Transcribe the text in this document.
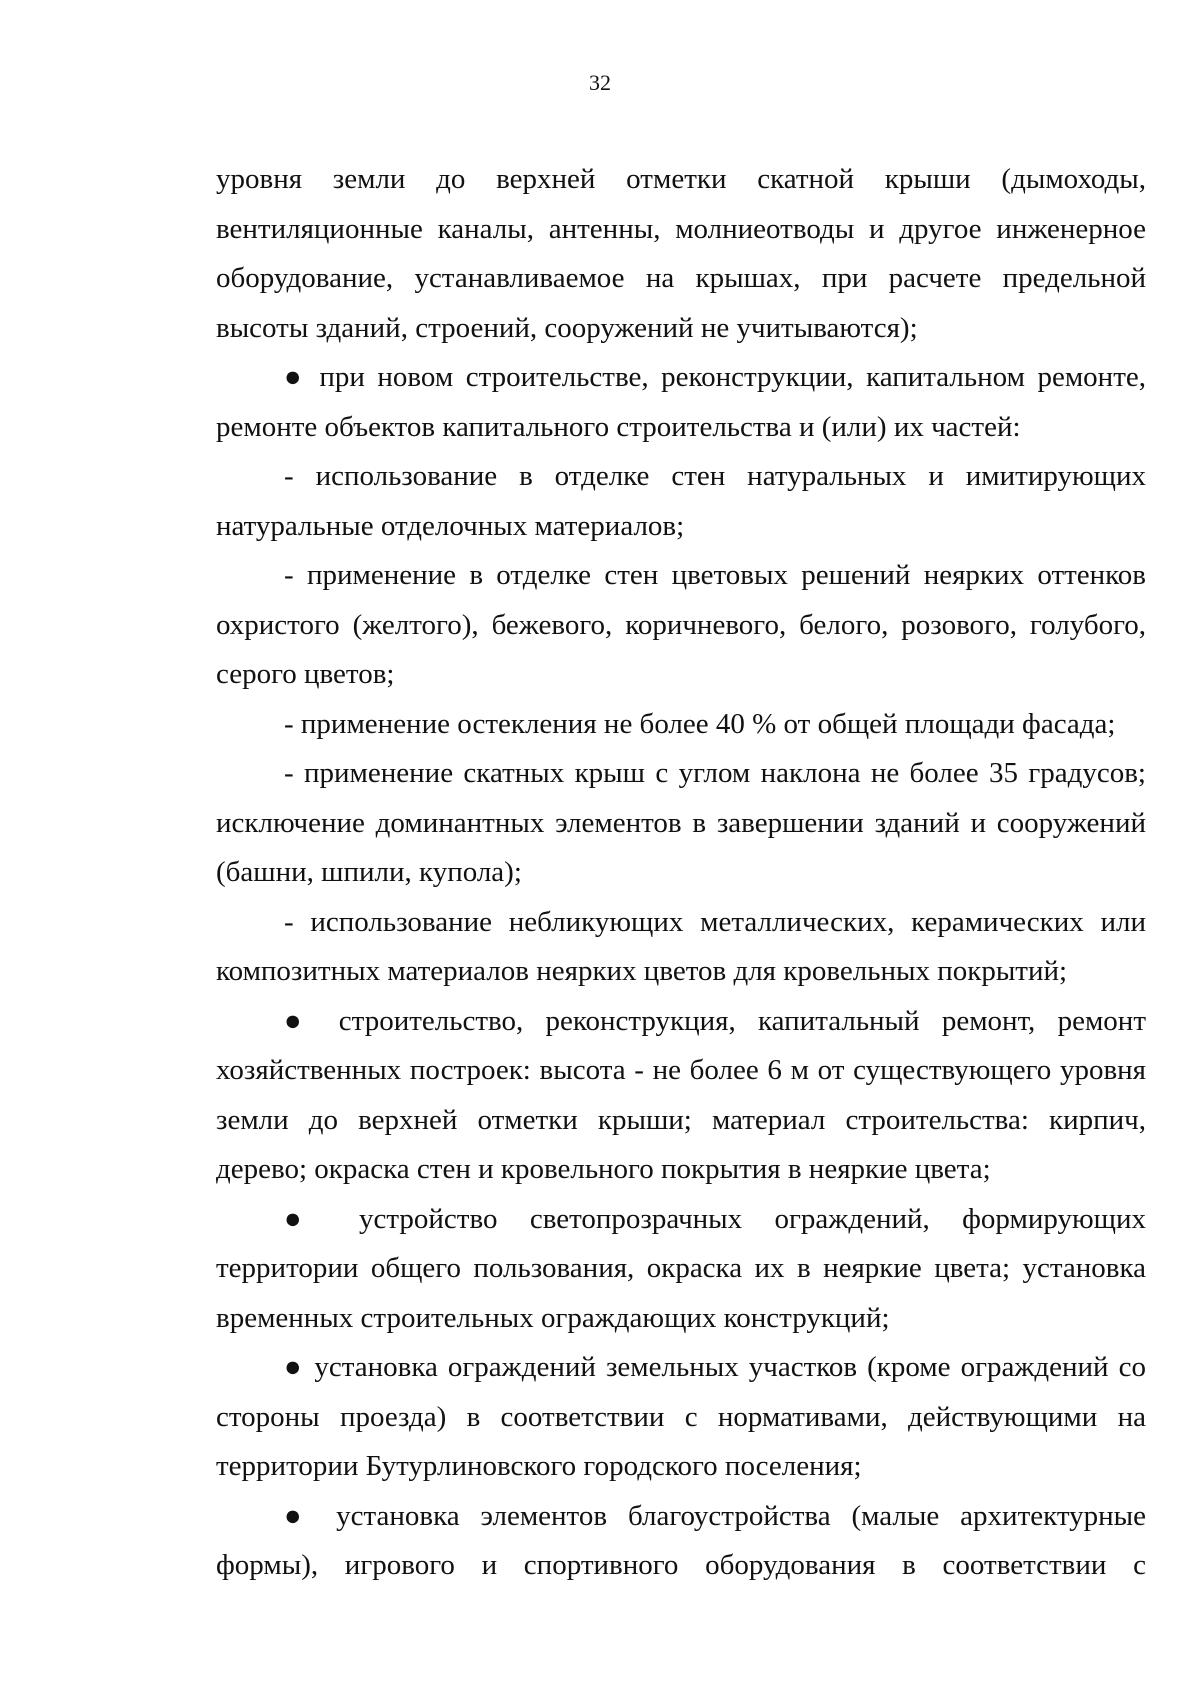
32

уровня земли до верхней отметки скатной крыши (дымоходы, вентиляционные каналы, антенны, молниеотводы и другое инженерное оборудование, устанавливаемое на крышах, при расчете предельной высоты зданий, строений, сооружений не учитываются);

● при новом строительстве, реконструкции, капитальном ремонте, ремонте объектов капитального строительства и (или) их частей:

- использование в отделке стен натуральных и имитирующих натуральные отделочных материалов;

- применение в отделке стен цветовых решений неярких оттенков охристого (желтого), бежевого, коричневого, белого, розового, голубого, серого цветов;

- применение остекления не более 40 % от общей площади фасада;

- применение скатных крыш с углом наклона не более 35 градусов; исключение доминантных элементов в завершении зданий и сооружений (башни, шпили, купола);

- использование небликующих металлических, керамических или композитных материалов неярких цветов для кровельных покрытий;

● строительство, реконструкция, капитальный ремонт, ремонт хозяйственных построек: высота - не более 6 м от существующего уровня земли до верхней отметки крыши; материал строительства: кирпич, дерево; окраска стен и кровельного покрытия в неяркие цвета;

● устройство светопрозрачных ограждений, формирующих территории общего пользования, окраска их в неяркие цвета; установка временных строительных ограждающих конструкций;

● установка ограждений земельных участков (кроме ограждений со стороны проезда) в соответствии с нормативами, действующими на территории Бутурлиновского городского поселения;

● установка элементов благоустройства (малые архитектурные формы), игрового и спортивного оборудования в соответствии с
